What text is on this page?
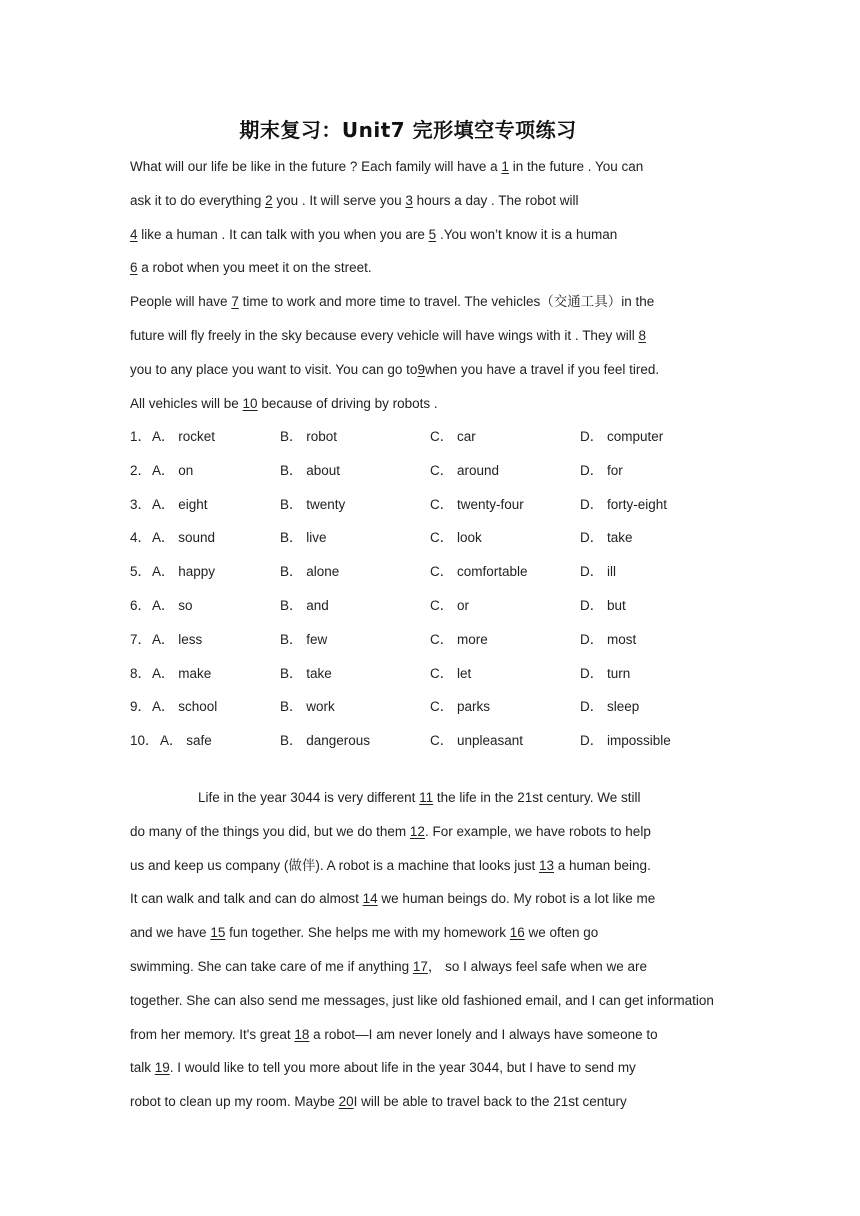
期末复习：Unit7 完形填空专项练习
What will our life be like in the future ? Each family will have a 1 in the future . You can
ask it to do everything 2 you . It will serve you 3 hours a day . The robot will
4 like a human . It can talk with you when you are 5 .You won’t know it is a human
6 a robot when you meet it on the street.
People will have 7 time to work and more time to travel. The vehicles（交通工具）in the
future will fly freely in the sky because every vehicle will have wings with it . They will 8
you to any place you want to visit. You can go to9when you have a travel if you feel tired.
All vehicles will be 10 because of driving by robots .
1． A． rocket	B． robot	C． car	D． computer
2． A． on	B． about	C． around	D． for
3． A． eight	B． twenty	C． twenty-four	D． forty-eight
4． A． sound	B． live	C． look	D． take
5． A． happy	B． alone	C． comfortable	D． ill
6． A． so	B． and	C． or	D． but
7． A． less	B． few	C． more	D． most
8． A． make	B． take	C． let	D． turn
9． A． school	B． work	C． parks	D． sleep
10． A． safe	B． dangerous	C． unpleasant	D． impossible
Life in the year 3044 is very different 11 the life in the 21st century. We still
do many of the things you did, but we do them 12. For example, we have robots to help
us and keep us company (做伴). A robot is a machine that looks just 13 a human being.
It can walk and talk and can do almost 14 we human beings do. My robot is a lot like me
and we have 15 fun together. She helps me with my homework 16 we often go
swimming. She can take care of me if anything 17， so I always feel safe when we are
together. She can also send me messages, just like old fashioned email, and I can get information
from her memory. It's great 18 a robot—I am never lonely and I always have someone to
talk 19. I would like to tell you more about life in the year 3044, but I have to send my
robot to clean up my room. Maybe 20I will be able to travel back to the 21st century
